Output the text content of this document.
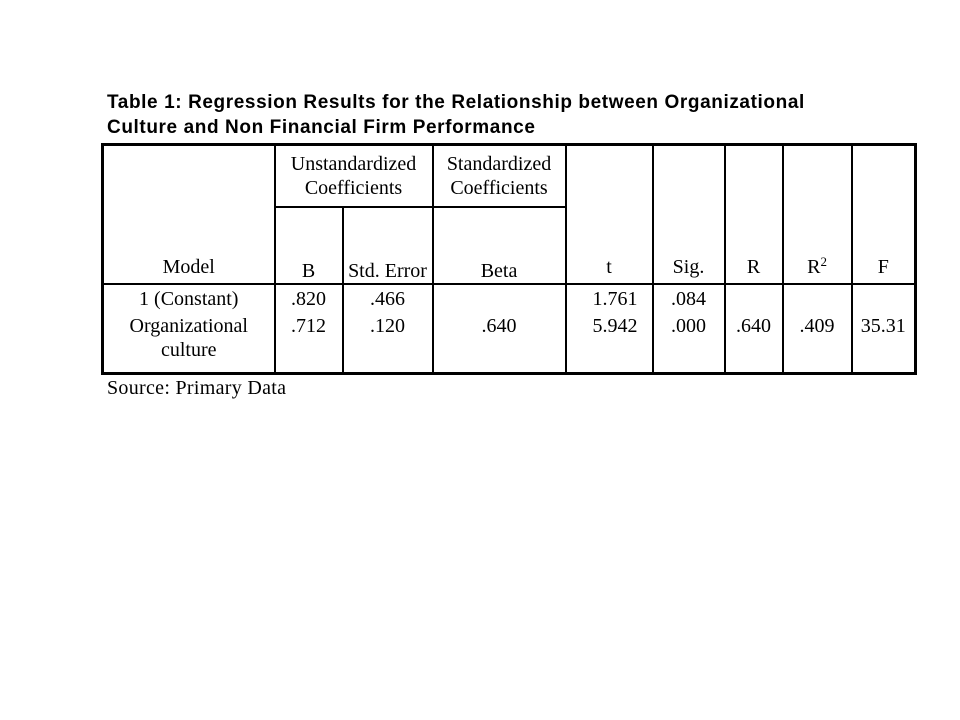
Table 1: Regression Results for the Relationship between Organizational
Culture and Non Financial Firm Performance
Model	Unstandardized Coefficients		Standardized Coefficients	t	Sig.	R	$R^2$	F
	B	Std. Error	Beta					
1 (Constant)	.820	.466		1.761	.084			
Organizational culture	.712	.120	.640	5.942	.000	.640	.409	35.31
Source: Primary Data
